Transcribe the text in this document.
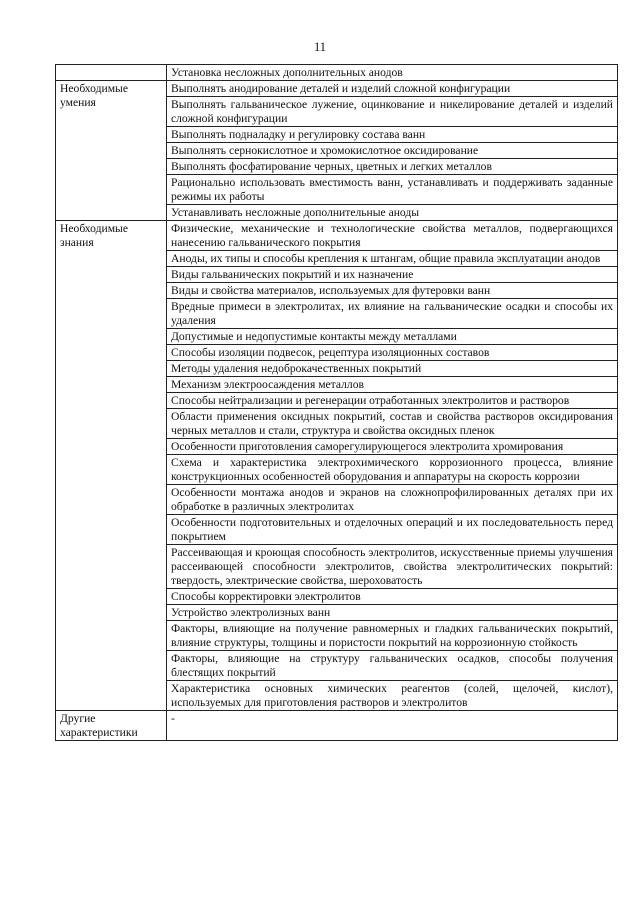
11
	Установка несложных дополнительных анодов
Необходимые умения	Выполнять анодирование деталей и изделий сложной конфигурации
	Выполнять гальваническое лужение, оцинкование и никелирование деталей и изделий сложной конфигурации
	Выполнять подналадку и регулировку состава ванн
	Выполнять сернокислотное и хромокислотное оксидирование
	Выполнять фосфатирование черных, цветных и легких металлов
	Рационально использовать вместимость ванн, устанавливать и поддерживать заданные режимы их работы
	Устанавливать несложные дополнительные аноды
Необходимые знания	Физические, механические и технологические свойства металлов, подвергающихся нанесению гальванического покрытия
	Аноды, их типы и способы крепления к штангам, общие правила эксплуатации анодов
	Виды гальванических покрытий и их назначение
	Виды и свойства материалов, используемых для футеровки ванн
	Вредные примеси в электролитах, их влияние на гальванические осадки и способы их удаления
	Допустимые и недопустимые контакты между металлами
	Способы изоляции подвесок, рецептура изоляционных составов
	Методы удаления недоброкачественных покрытий
	Механизм электроосаждения металлов
	Способы нейтрализации и регенерации отработанных электролитов и растворов
	Области применения оксидных покрытий, состав и свойства растворов оксидирования черных металлов и стали, структура и свойства оксидных пленок
	Особенности приготовления саморегулирующегося электролита хромирования
	Схема и характеристика электрохимического коррозионного процесса, влияние конструкционных особенностей оборудования и аппаратуры на скорость коррозии
	Особенности монтажа анодов и экранов на сложнопрофилированных деталях при их обработке в различных электролитах
	Особенности подготовительных и отделочных операций и их последовательность перед покрытием
	Рассеивающая и кроющая способность электролитов, искусственные приемы улучшения рассеивающей способности электролитов, свойства электролитических покрытий: твердость, электрические свойства, шероховатость
	Способы корректировки электролитов
	Устройство электролизных ванн
	Факторы, влияющие на получение равномерных и гладких гальванических покрытий, влияние структуры, толщины и пористости покрытий на коррозионную стойкость
	Факторы, влияющие на структуру гальванических осадков, способы получения блестящих покрытий
	Характеристика основных химических реагентов (солей, щелочей, кислот), используемых для приготовления растворов и электролитов
Другие характеристики	-
